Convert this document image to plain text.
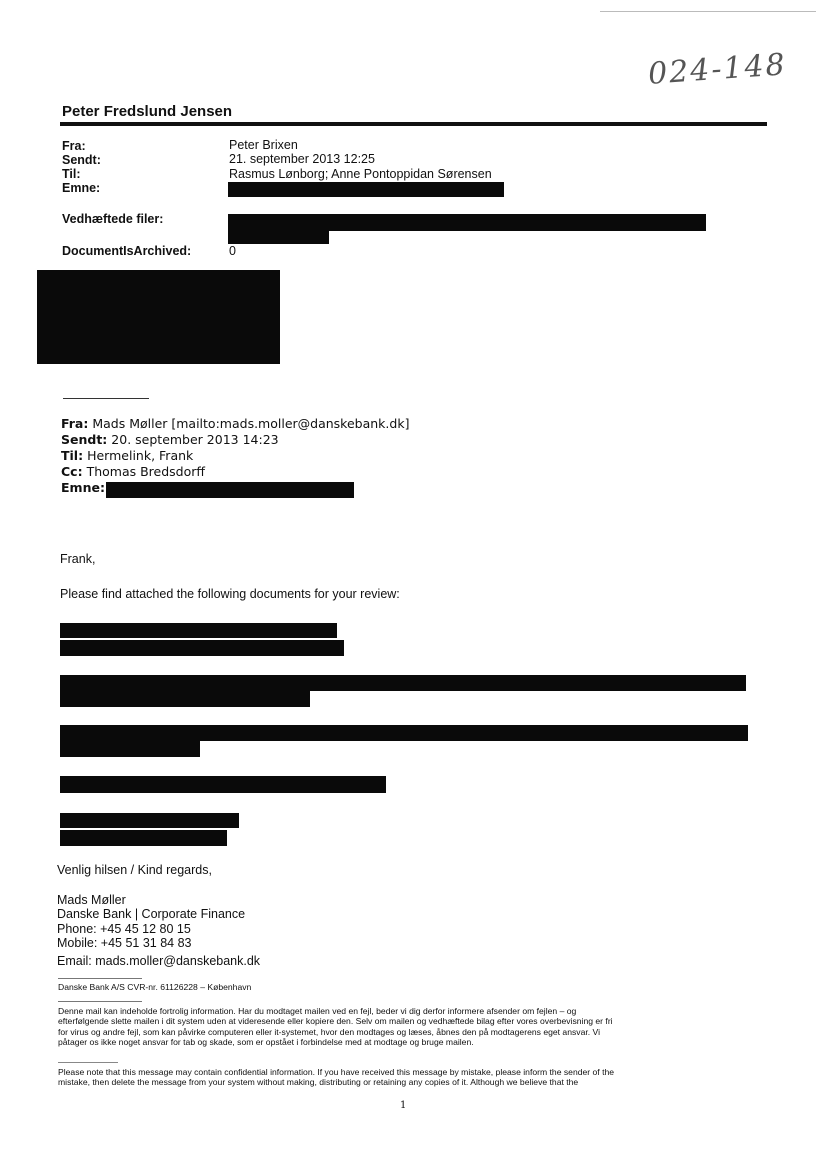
024-148
Peter Fredslund Jensen
Fra:	Peter Brixen
Sendt:	21. september 2013 12:25
Til:	Rasmus Lønborg; Anne Pontoppidan Sørensen
Emne:
Vedhæftede filer:
DocumentIsArchived:	0
Fra: Mads Møller [mailto:mads.moller@danskebank.dk]
Sendt: 20. september 2013 14:23
Til: Hermelink, Frank
Cc: Thomas Bredsdorff
Emne:
Frank,
Please find attached the following documents for your review:
Venlig hilsen / Kind regards,
Mads Møller
Danske Bank | Corporate Finance
Phone: +45 45 12 80 15
Mobile: +45 51 31 84 83
Email: mads.moller@danskebank.dk
Danske Bank A/S CVR-nr. 61126228 – København
Denne mail kan indeholde fortrolig information. Har du modtaget mailen ved en fejl, beder vi dig derfor informere afsender om fejlen – og
efterfølgende slette mailen i dit system uden at videresende eller kopiere den. Selv om mailen og vedhæftede bilag efter vores overbevisning er fri
for virus og andre fejl, som kan påvirke computeren eller it-systemet, hvor den modtages og læses, åbnes den på modtagerens eget ansvar. Vi
påtager os ikke noget ansvar for tab og skade, som er opstået i forbindelse med at modtage og bruge mailen.
Please note that this message may contain confidential information. If you have received this message by mistake, please inform the sender of the
mistake, then delete the message from your system without making, distributing or retaining any copies of it. Although we believe that the
1
